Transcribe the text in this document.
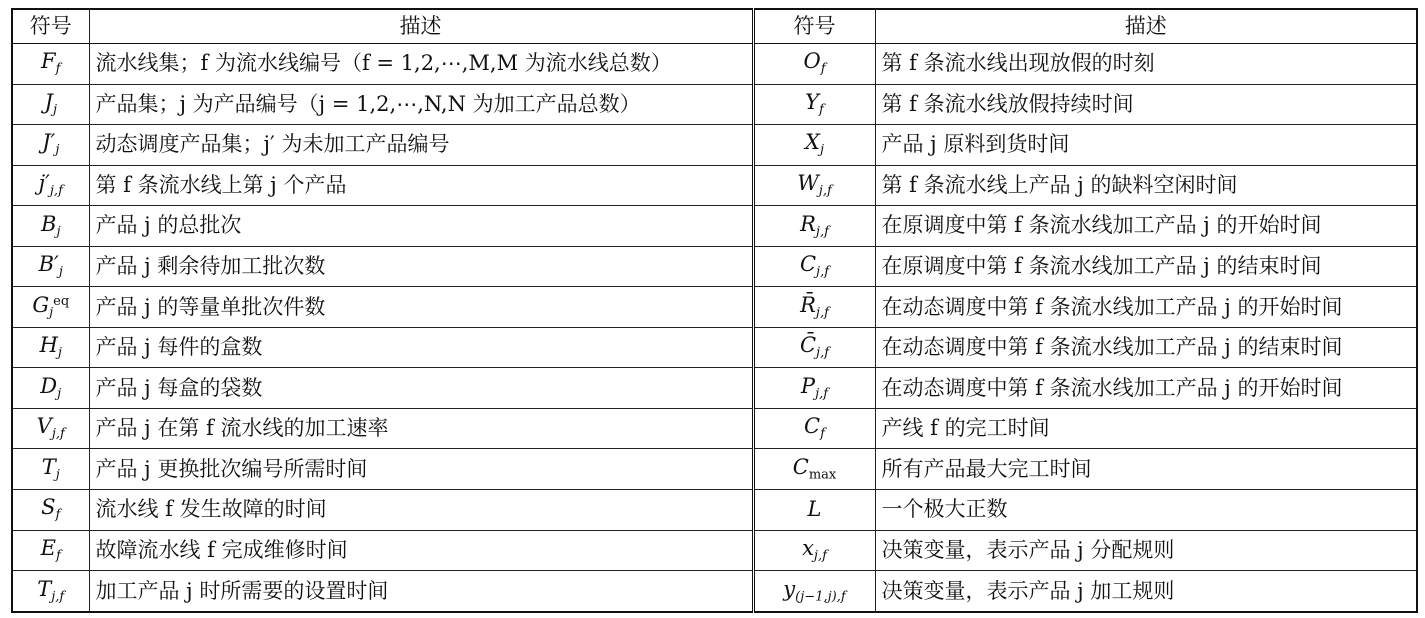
符号	描述	符号	描述
$F_f$	流水线集；f 为流水线编号（f = 1,2,⋯,M,M 为流水线总数）	$O_f$	第 f 条流水线出现放假的时刻
$J_j$	产品集；j 为产品编号（j = 1,2,⋯,N,N 为加工产品总数）	$Y_f$	第 f 条流水线放假持续时间
$J'_j$	动态调度产品集；j′ 为未加工产品编号	$X_j$	产品 j 原料到货时间
$j'_{j,f}$	第 f 条流水线上第 j 个产品	$W_{j,f}$	第 f 条流水线上产品 j 的缺料空闲时间
$B_j$	产品 j 的总批次	$R_{j,f}$	在原调度中第 f 条流水线加工产品 j 的开始时间
$B'_j$	产品 j 剩余待加工批次数	$C_{j,f}$	在原调度中第 f 条流水线加工产品 j 的结束时间
$G_j^{eq}$	产品 j 的等量单批次件数	$R̄_{j,f}$	在动态调度中第 f 条流水线加工产品 j 的开始时间
$H_j$	产品 j 每件的盒数	$C̄_{j,f}$	在动态调度中第 f 条流水线加工产品 j 的结束时间
$D_j$	产品 j 每盒的袋数	$P_{j,f}$	在动态调度中第 f 条流水线加工产品 j 的开始时间
$V_{j,f}$	产品 j 在第 f 流水线的加工速率	$C_f$	产线 f 的完工时间
$T_j$	产品 j 更换批次编号所需时间	$C_{max}$	所有产品最大完工时间
$S_f$	流水线 f 发生故障的时间	L	一个极大正数
$E_f$	故障流水线 f 完成维修时间	$x_{j,f}$	决策变量，表示产品 j 分配规则
$T_{j,f}$	加工产品 j 时所需要的设置时间	$y_{(j-1,j),f}$	决策变量，表示产品 j 加工规则
